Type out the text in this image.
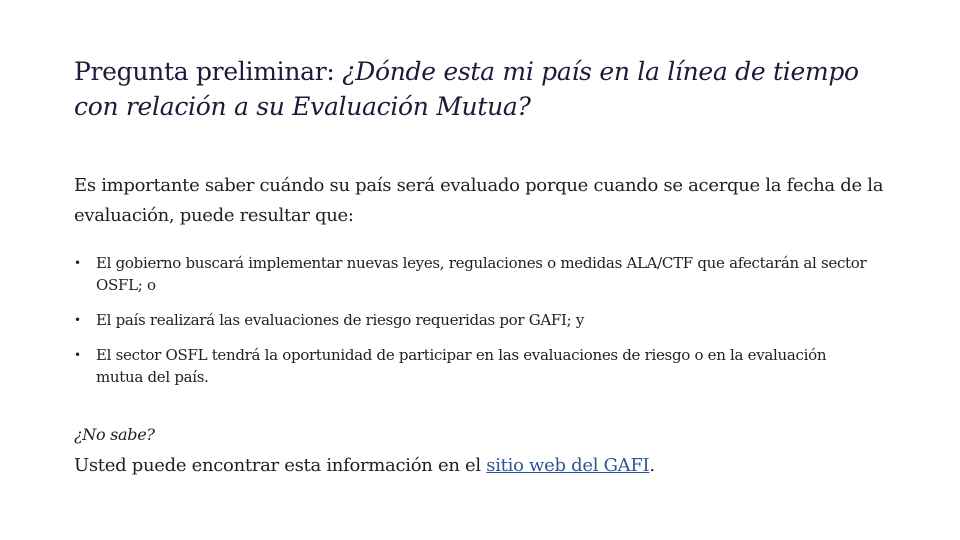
Pregunta preliminar: ¿Dónde esta mi país en la línea de tiempo con relación a su Evaluación Mutua?

Es importante saber cuándo su país será evaluado porque cuando se acerque la fecha de la evaluación, puede resultar que:

• El gobierno buscará implementar nuevas leyes, regulaciones o medidas ALA/CTF que afectarán al sector OSFL; o
• El país realizará las evaluaciones de riesgo requeridas por GAFI; y
• El sector OSFL tendrá la oportunidad de participar en las evaluaciones de riesgo o en la evaluación mutua del país.

¿No sabe?

Usted puede encontrar esta información en el sitio web del GAFI.
